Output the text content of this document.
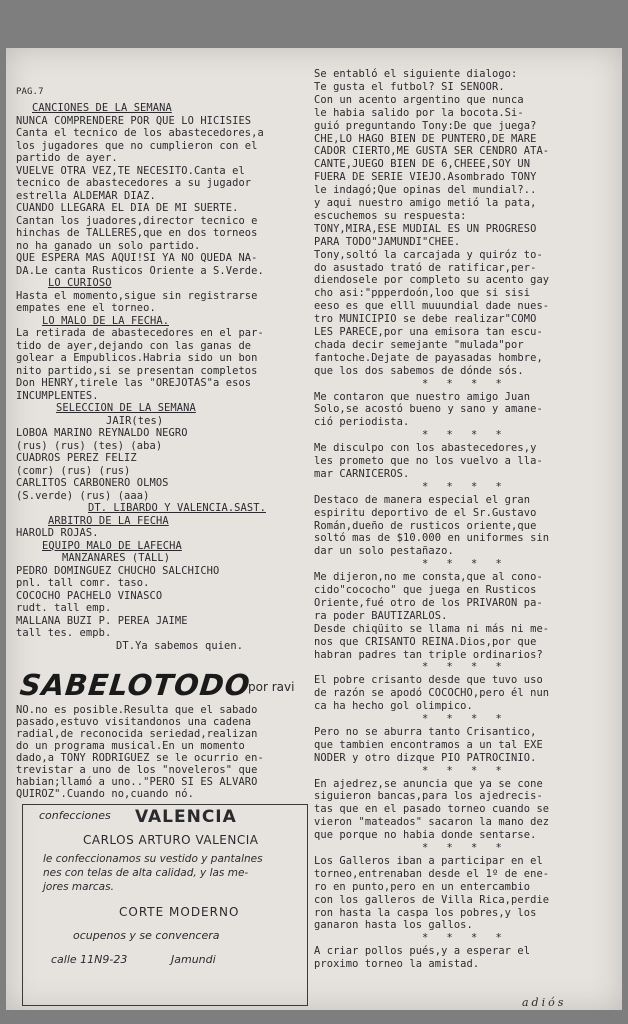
PAG.7
CANCIONES DE LA SEMANA
NUNCA COMPRENDERE POR QUE LO HICISIES
Canta el tecnico de los abastecedores,a
los jugadores que no cumplieron con el
partido de ayer.
VUELVE OTRA VEZ,TE NECESITO.Canta el
tecnico de abastecedores a su jugador
estrella ALDEMAR DIAZ.
CUANDO LLEGARA EL DIA DE MI SUERTE.
Cantan los juadores,director tecnico e
hinchas de TALLERES,que en dos torneos
no ha ganado un solo partido.
QUE ESPERA MAS AQUI!SI YA NO QUEDA NA-
DA.Le canta Rusticos Oriente a S.Verde.
LO CURIOSO
Hasta el momento,sigue sin registrarse
empates ene el torneo.
LO MALO DE LA FECHA.
La retirada de abastecedores en el par-
tido de ayer,dejando con las ganas de
golear a Empublicos.Habria sido un bon
nito partido,si se presentan completos
Don HENRY,tirele las "OREJOTAS"a esos
INCUMPLENTES.
SELECCION DE LA SEMANA
JAIR(tes)
LOBOA MARINO REYNALDO NEGRO
(rus) (rus) (tes) (aba)
CUADROS PEREZ FELIZ
(comr) (rus) (rus)
CARLITOS CARBONERO OLMOS
(S.verde) (rus) (aaa)
DT. LIBARDO Y VALENCIA.SAST.
ARBITRO DE LA FECHA
HAROLD ROJAS.
EQUIPO MALO DE LAFECHA
MANZANARES (TALL)
PEDRO DOMINGUEZ CHUCHO SALCHICHO
pnl. tall comr. taso.
COCOCHO PACHELO VINASCO
rudt. tall emp.
MALLANA BUZI P. PEREA JAIME
tall tes. empb.
DT.Ya sabemos quien.
NO.no es posible.Resulta que el sabado
pasado,estuvo visitandonos una cadena
radial,de reconocida seriedad,realizan
do un programa musical.En un momento
dado,a TONY RODRIGUEZ se le ocurrio en-
trevistar a uno de los "noveleros" que
habian;llamó a uno.."PERO SI ES ALVARO
QUIROZ".Cuando no,cuando nó.
SABELOTODO
por ravi
confecciones VALENCIA
CARLOS ARTURO VALENCIA
le confeccionamos su vestido y pantalnes
nes con telas de alta calidad, y las me-
jores marcas.
CORTE MODERNO
ocupenos y se convencera
calle 11N9-23	Jamundi
Se entabló el siguiente dialogo:
Te gusta el futbol? SI SEÑOOR.
Con un acento argentino que nunca
le habia salido por la bocota.Si-
guió preguntando Tony:De que juega?
CHE,LO HAGO BIEN DE PUNTERO,DE MARE
CADOR CIERTO,ME GUSTA SER CENDRO ATA-
CANTE,JUEGO BIEN DE 6,CHEEE,SOY UN
FUERA DE SERIE VIEJO.Asombrado TONY
le indagó;Que opinas del mundial?..
y aqui nuestro amigo metió la pata,
escuchemos su respuesta:
TONY,MIRA,ESE MUDIAL ES UN PROGRESO
PARA TODO"JAMUNDI"CHEE.
Tony,soltó la carcajada y quiróz to-
do asustado trató de ratificar,per-
diendosele por completo su acento gay
cho asi:"ppperdoón,loo que si sisi
eeso es que elll muuundial dade nues-
tro MUNICIPIO se debe realizar"COMO
LES PARECE,por una emisora tan escu-
chada decir semejante "mulada"por
fantoche.Dejate de payasadas hombre,
que los dos sabemos de dónde sós.
* * * *
Me contaron que nuestro amigo Juan
Solo,se acostó bueno y sano y amane-
ció periodista.
* * * *
Me disculpo con los abastecedores,y
les prometo que no los vuelvo a lla-
mar CARNICEROS.
* * * *
Destaco de manera especial el gran
espiritu deportivo de el Sr.Gustavo
Román,dueño de rusticos oriente,que
soltó mas de $10.000 en uniformes sin
dar un solo pestañazo.
* * * *
Me dijeron,no me consta,que al cono-
cido"cococho" que juega en Rusticos
Oriente,fué otro de los PRIVARON pa-
ra poder BAUTIZARLOS.
Desde chiqüito se llama ni más ni me-
nos que CRISANTO REINA.Dios,por que
habran padres tan triple ordinarios?
* * * *
El pobre crisanto desde que tuvo uso
de razón se apodó COCOCHO,pero él nun
ca ha hecho gol olimpico.
* * * *
Pero no se aburra tanto Crisantico,
que tambien encontramos a un tal EXE
NODER y otro dizque PIO PATROCINIO.
* * * *
En ajedrez,se anuncia que ya se cone
siguieron bancas,para los ajedrecis-
tas que en el pasado torneo cuando se
vieron "mateados" sacaron la mano dez
que porque no habia donde sentarse.
* * * *
Los Galleros iban a participar en el
torneo,entrenaban desde el 1º de ene-
ro en punto,pero en un entercambio
con los galleros de Villa Rica,perdie
ron hasta la caspa los pobres,y los
ganaron hasta los gallos.
* * * *
A criar pollos pués,y a esperar el
proximo torneo la amistad.
adiós
